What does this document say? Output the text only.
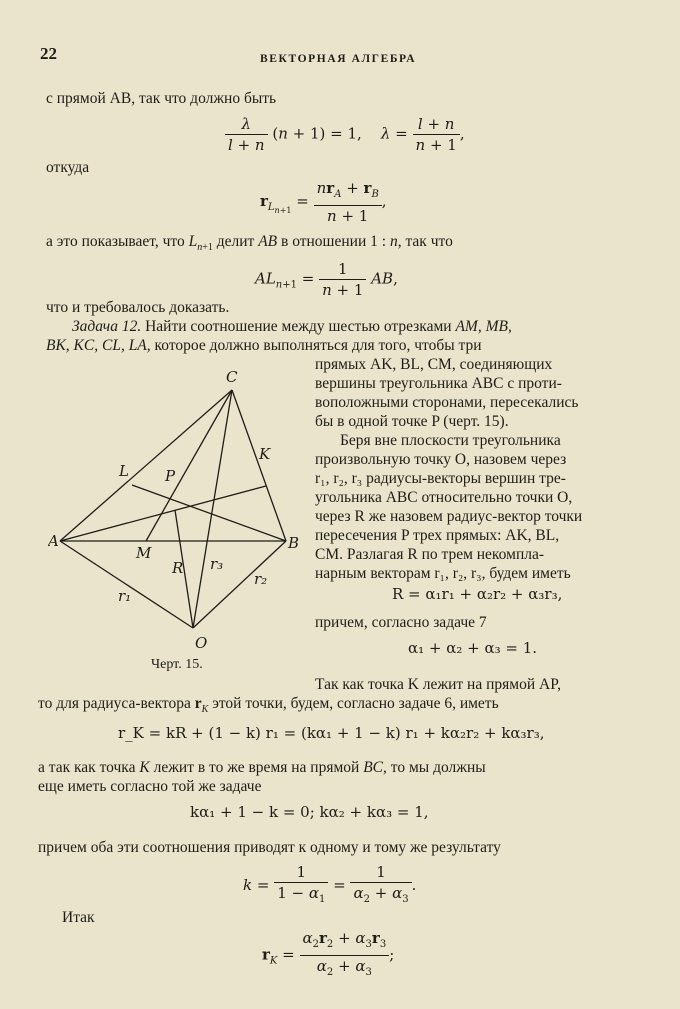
22	ВЕКТОРНАЯ АЛГЕБРА
с прямой AB, так что должно быть
$\frac{\lambda}{l + n} (n + 1) = 1$,    $\lambda = \frac{l + n}{n + 1}$ ,
откуда
$r_{L_{n+1}} = \frac{nr_A + r_B}{n + 1}$ ,
а это показывает, что $L_{n+1}$ делит AB в отношении 1 : n, так что
$AL_{n+1} = \frac{1}{n + 1}$ AB,
что и требовалось доказать.
Задача 12. Найти соотношение между шестью отрезками AM, MB,
BK, KC, CL, LA, которое должно выполняться для того, чтобы три
прямых AK, BL, CM, соединяющих
вершины треугольника ABC с проти-
воположными сторонами, пересекались
бы в одной точке P (черт. 15).
Беря вне плоскости треугольника
произвольную точку O, назовем через
r₁, r₂, r₃ радиусы-векторы вершин тре-
угольника ABC относительно точки O,
через R же назовем радиус-вектор точки
пересечения P трех прямых: AK, BL,
CM. Разлагая R по трем некомпла-
нарным векторам r₁, r₂, r₃, будем иметь
R = α₁r₁ + α₂r₂ + α₃r₃,
причем, согласно задаче 7
α₁ + α₂ + α₃ = 1.
Так как точка K лежит на прямой AP,
C
K
L P
A	B
M
R r₃
r₂
r₁
O
Черт. 15.
то для радиуса-вектора $r_K$ этой точки, будем, согласно задаче 6, иметь
r_K = kR + (1 − k) r₁ = (kα₁ + 1 − k) r₁ + kα₂r₂ + kα₃r₃,
а так как точка K лежит в то же время на прямой BC, то мы должны
еще иметь согласно той же задаче
kα₁ + 1 − k = 0; kα₂ + kα₃ = 1,
причем оба эти соотношения приводят к одному и тому же результату
$k = \frac{1}{1 - \alpha_1} = \frac{1}{\alpha_2 + \alpha_3}$ .
Итак
$r_K = \frac{\alpha_2r_2 + \alpha_3r_3}{\alpha_2 + \alpha_3}$ ;
